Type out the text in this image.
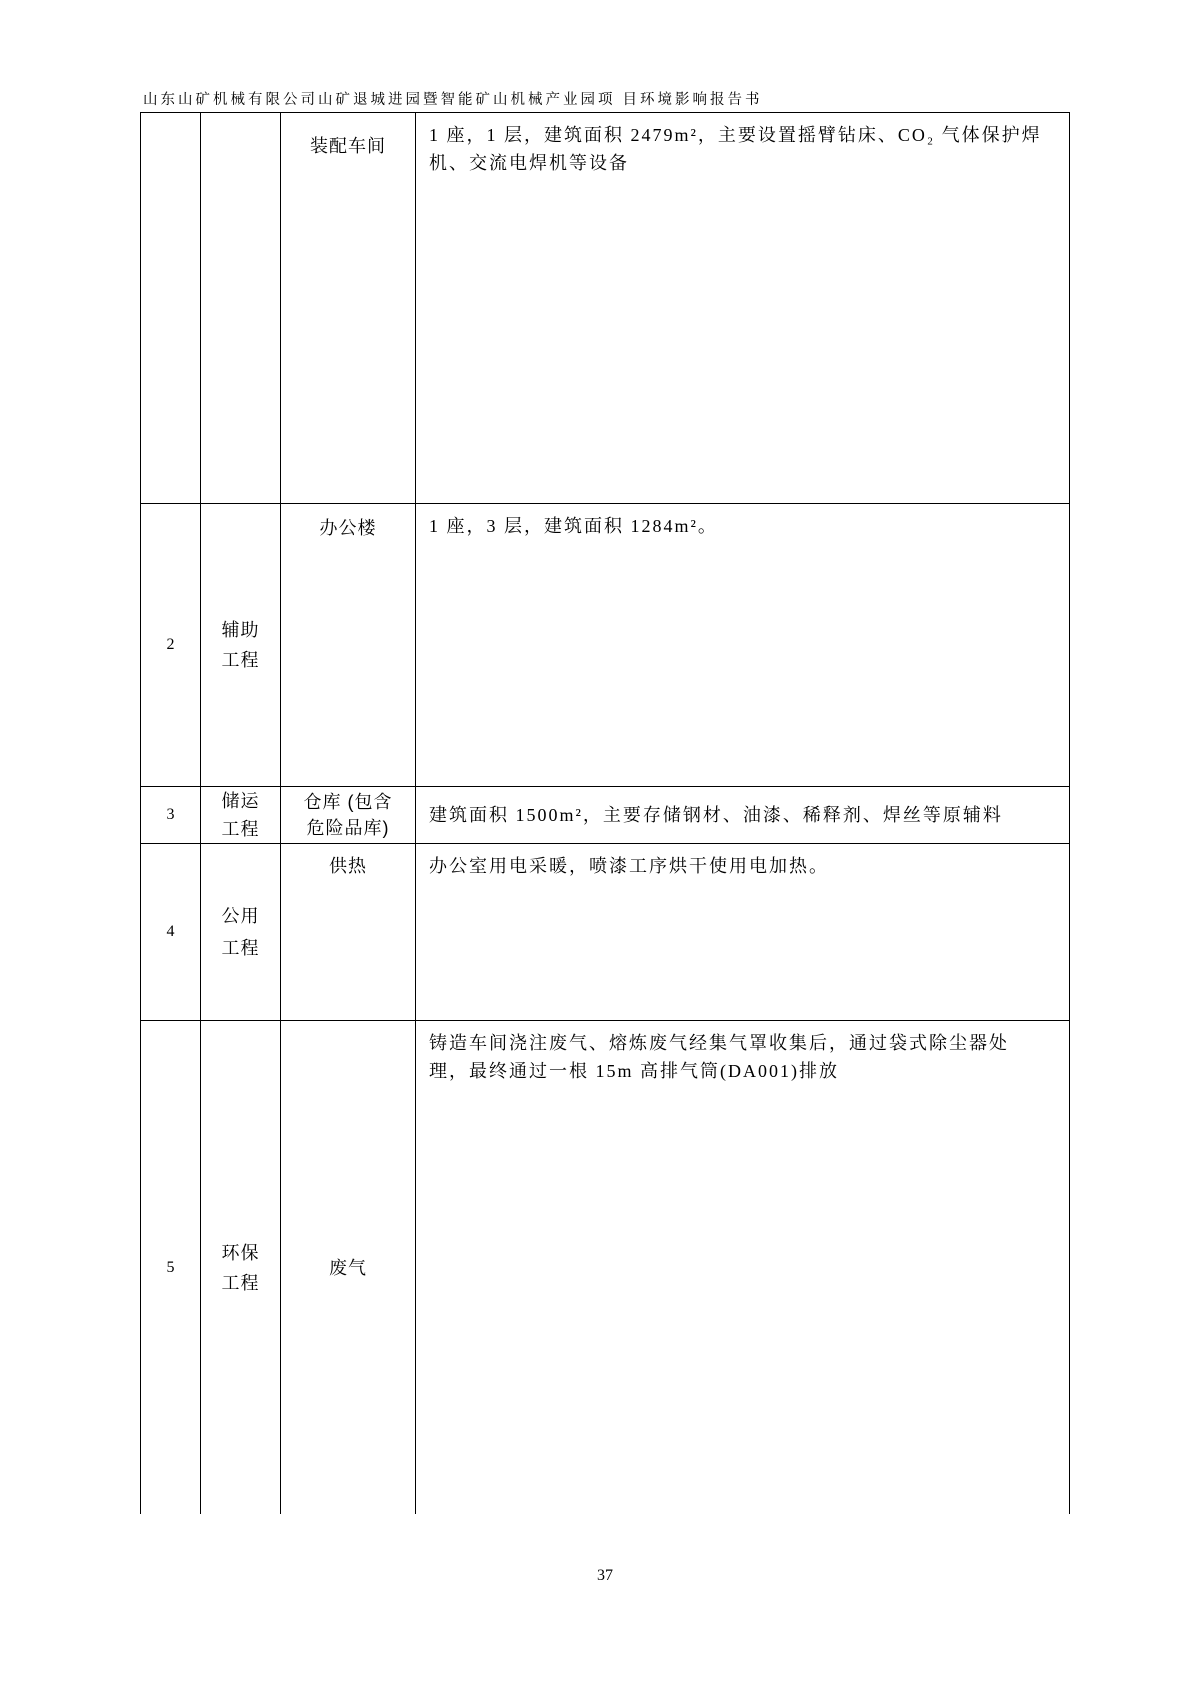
山东山矿机械有限公司山矿退城进园暨智能矿山机械产业园项 目环境影响报告书
装配车间
1 座，1 层，建筑面积 2479m²，主要设置摇臂钻床、CO₂ 气体保护焊
机、交流电焊机等设备
2
辅助
工程
办公楼	1 座，3 层，建筑面积 1284m²。
3
储运
工程
仓库 (包含
危险品库)
建筑面积 1500m²，主要存储钢材、油漆、稀释剂、焊丝等原辅料
4
公用
工程
供热	办公室用电采暖，喷漆工序烘干使用电加热。
5
环保
工程
废气
铸造车间浇注废气、熔炼废气经集气罩收集后，通过袋式除尘器处
理，最终通过一根 15m 高排气筒(DA001)排放
37
